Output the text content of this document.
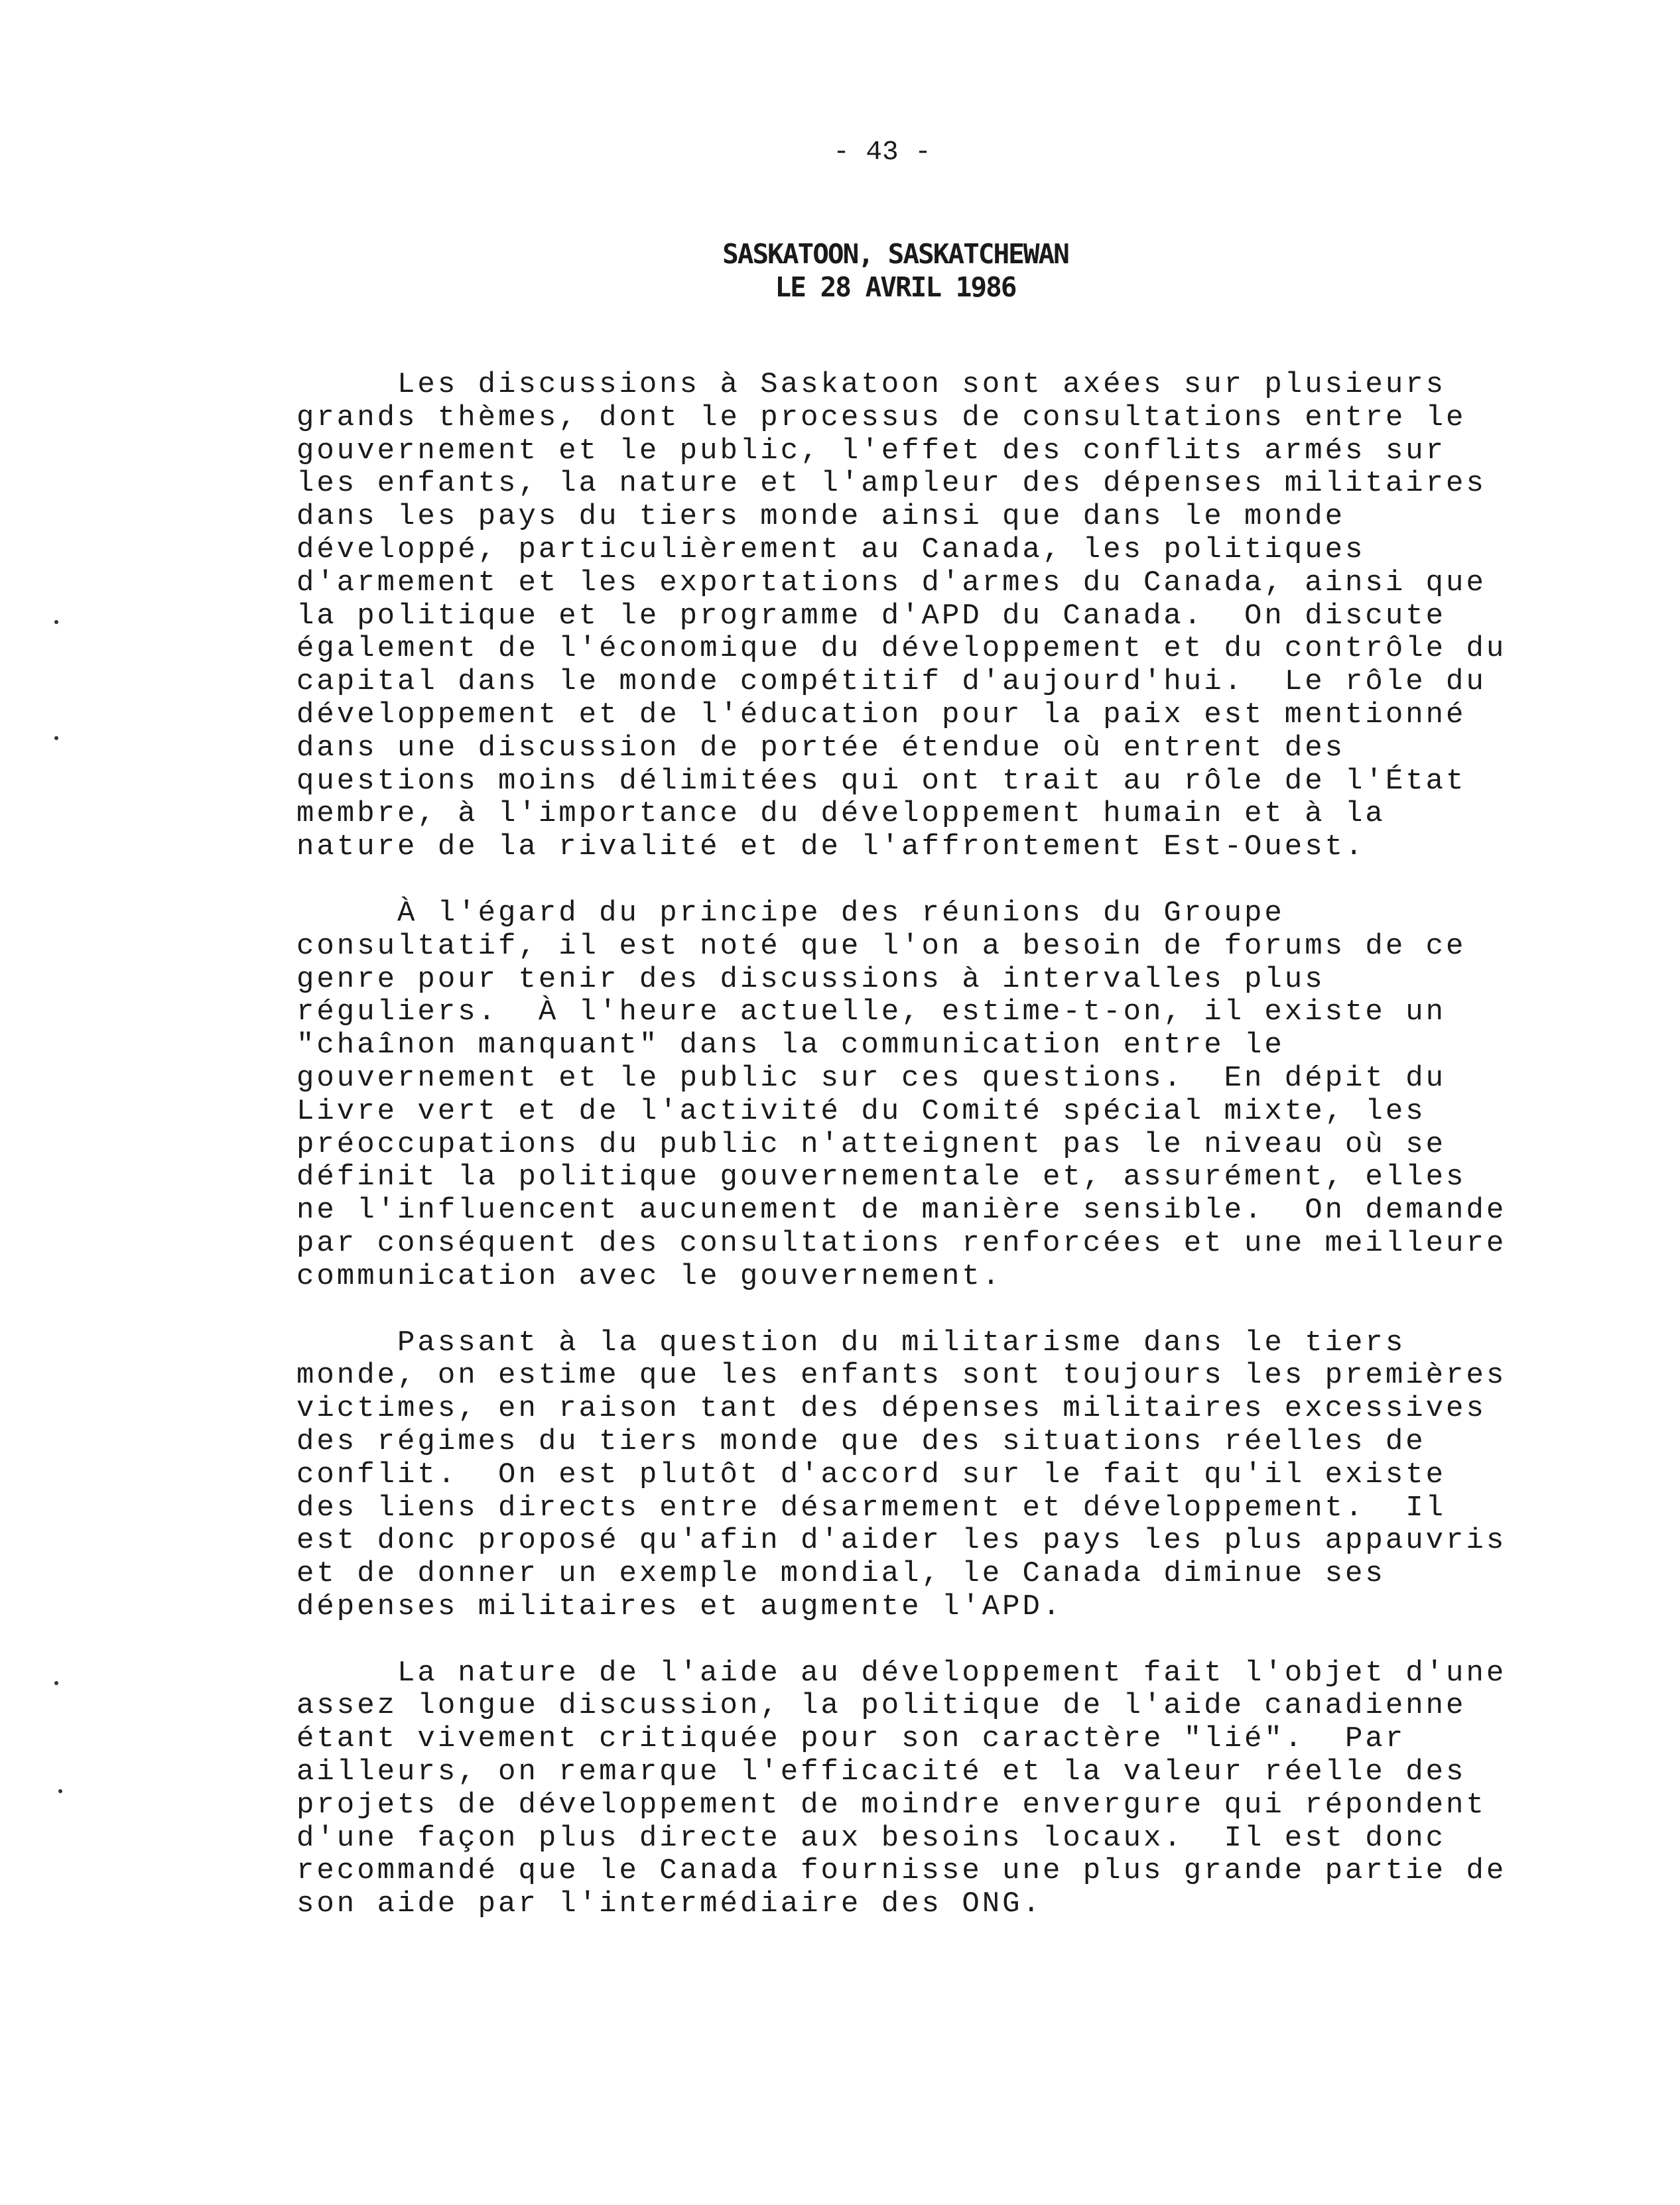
- 43 -
SASKATOON, SASKATCHEWAN
LE 28 AVRIL 1986
Les discussions à Saskatoon sont axées sur plusieurs
grands thèmes, dont le processus de consultations entre le
gouvernement et le public, l'effet des conflits armés sur
les enfants, la nature et l'ampleur des dépenses militaires
dans les pays du tiers monde ainsi que dans le monde
développé, particulièrement au Canada, les politiques
d'armement et les exportations d'armes du Canada, ainsi que
la politique et le programme d'APD du Canada.  On discute
également de l'économique du développement et du contrôle du
capital dans le monde compétitif d'aujourd'hui.  Le rôle du
développement et de l'éducation pour la paix est mentionné
dans une discussion de portée étendue où entrent des
questions moins délimitées qui ont trait au rôle de l'État
membre, à l'importance du développement humain et à la
nature de la rivalité et de l'affrontement Est-Ouest.
À l'égard du principe des réunions du Groupe
consultatif, il est noté que l'on a besoin de forums de ce
genre pour tenir des discussions à intervalles plus
réguliers.  À l'heure actuelle, estime-t-on, il existe un
"chaînon manquant" dans la communication entre le
gouvernement et le public sur ces questions.  En dépit du
Livre vert et de l'activité du Comité spécial mixte, les
préoccupations du public n'atteignent pas le niveau où se
définit la politique gouvernementale et, assurément, elles
ne l'influencent aucunement de manière sensible.  On demande
par conséquent des consultations renforcées et une meilleure
communication avec le gouvernement.
Passant à la question du militarisme dans le tiers
monde, on estime que les enfants sont toujours les premières
victimes, en raison tant des dépenses militaires excessives
des régimes du tiers monde que des situations réelles de
conflit.  On est plutôt d'accord sur le fait qu'il existe
des liens directs entre désarmement et développement.  Il
est donc proposé qu'afin d'aider les pays les plus appauvris
et de donner un exemple mondial, le Canada diminue ses
dépenses militaires et augmente l'APD.
La nature de l'aide au développement fait l'objet d'une
assez longue discussion, la politique de l'aide canadienne
étant vivement critiquée pour son caractère "lié".  Par
ailleurs, on remarque l'efficacité et la valeur réelle des
projets de développement de moindre envergure qui répondent
d'une façon plus directe aux besoins locaux.  Il est donc
recommandé que le Canada fournisse une plus grande partie de
son aide par l'intermédiaire des ONG.
